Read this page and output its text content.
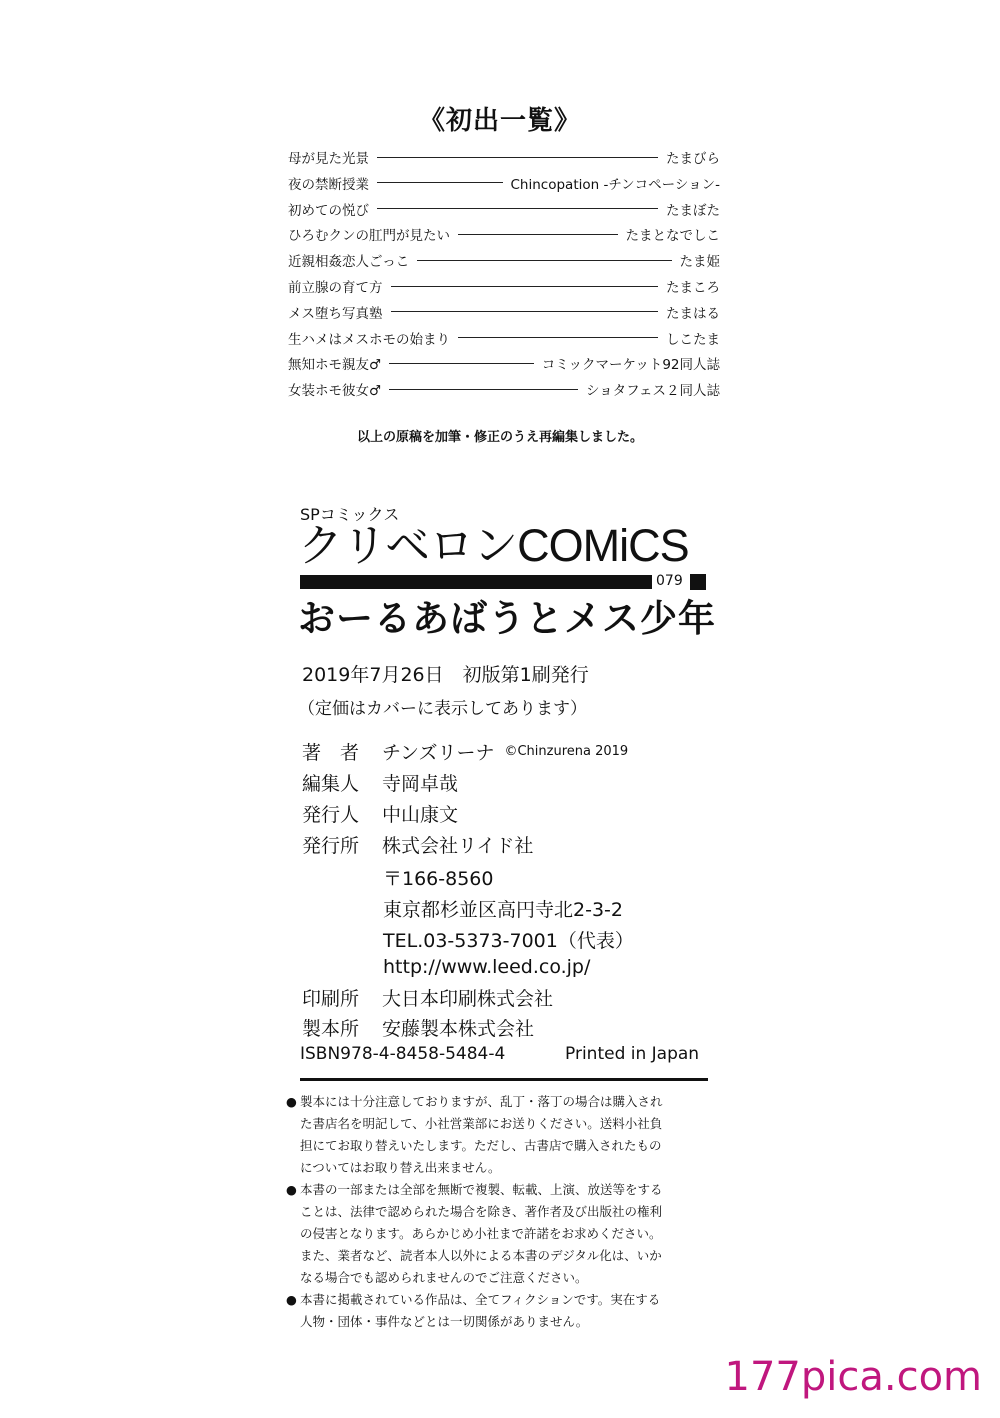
《初出一覧》
母が見た光景	たまびら
夜の禁断授業	Chincopation -チンコペーション-
初めての悦び	たまぼた
ひろむクンの肛門が見たい	たまとなでしこ
近親相姦恋人ごっこ	たま姫
前立腺の育て方	たまころ
メス堕ち写真塾	たまはる
生ハメはメスホモの始まり	しこたま
無知ホモ親友♂	コミックマーケット92同人誌
女装ホモ彼女♂	ショタフェス２同人誌
以上の原稿を加筆・修正のうえ再編集しました。
SPコミックス
クリベロンCOMiCS
079
おーるあばうとメス少年
2019年7月26日　初版第1刷発行
（定価はカバーに表示してあります）
著　者	チンズリーナ ©Chinzurena 2019
編集人	寺岡卓哉
発行人	中山康文
発行所	株式会社リイド社
〒166-8560
東京都杉並区高円寺北2-3-2
TEL.03-5373-7001（代表）
http://www.leed.co.jp/
印刷所	大日本印刷株式会社
製本所	安藤製本株式会社
ISBN978-4-8458-5484-4	Printed in Japan
● 製本には十分注意しておりますが、乱丁・落丁の場合は購入され
た書店名を明記して、小社営業部にお送りください。送料小社負
担にてお取り替えいたします。ただし、古書店で購入されたもの
についてはお取り替え出来ません。
● 本書の一部または全部を無断で複製、転載、上演、放送等をする
ことは、法律で認められた場合を除き、著作者及び出版社の権利
の侵害となります。あらかじめ小社まで許諾をお求めください。
また、業者など、読者本人以外による本書のデジタル化は、いか
なる場合でも認められませんのでご注意ください。
● 本書に掲載されている作品は、全てフィクションです。実在する
人物・団体・事件などとは一切関係がありません。
177pica.com
